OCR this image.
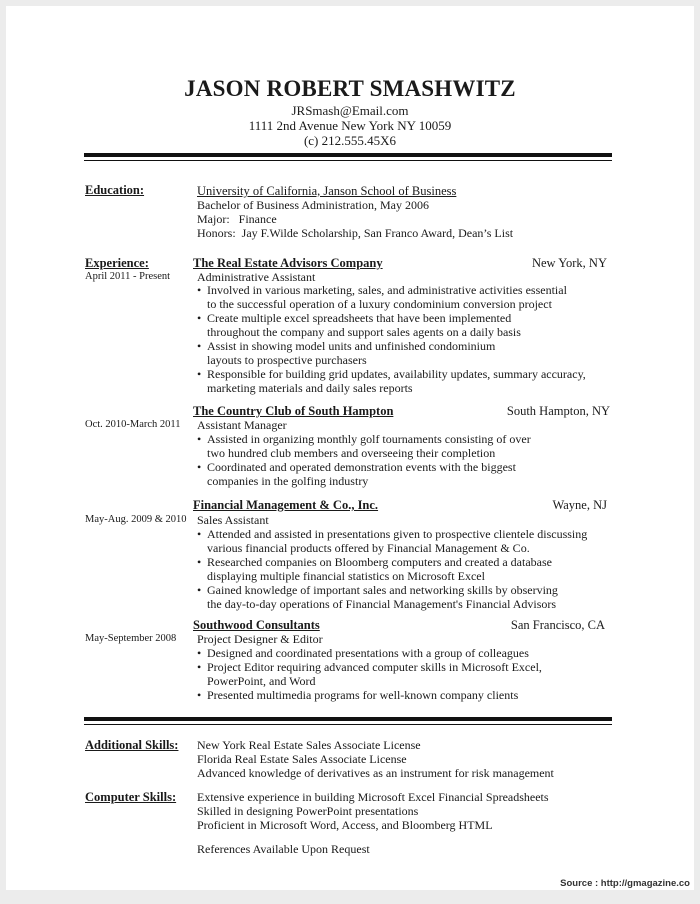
JASON ROBERT SMASHWITZ
JRSmash@Email.com
1111 2nd Avenue New York NY 10059
(c) 212.555.45X6
Education:	University of California, Janson School of Business
Bachelor of Business Administration, May 2006
Major:   Finance
Honors:  Jay F.Wilde Scholarship, San Franco Award, Dean’s List
Experience:	The Real Estate Advisors Company	New York, NY
April 2011 - Present Administrative Assistant
• Involved in various marketing, sales, and administrative activities essential
to the successful operation of a luxury condominium conversion project
• Create multiple excel spreadsheets that have been implemented
throughout the company and support sales agents on a daily basis
• Assist in showing model units and unfinished condominium
layouts to prospective purchasers
• Responsible for building grid updates, availability updates, summary accuracy,
marketing materials and daily sales reports
The Country Club of South Hampton	South Hampton, NY
Oct. 2010-March 2011 Assistant Manager
• Assisted in organizing monthly golf tournaments consisting of over
two hundred club members and overseeing their completion
• Coordinated and operated demonstration events with the biggest
companies in the golfing industry
Financial Management & Co., Inc.	Wayne, NJ
May-Aug. 2009 & 2010 Sales Assistant
• Attended and assisted in presentations given to prospective clientele discussing
various financial products offered by Financial Management & Co.
• Researched companies on Bloomberg computers and created a database
displaying multiple financial statistics on Microsoft Excel
• Gained knowledge of important sales and networking skills by observing
the day-to-day operations of Financial Management's Financial Advisors
Southwood Consultants	San Francisco, CA
May-September 2008 Project Designer & Editor
• Designed and coordinated presentations with a group of colleagues
• Project Editor requiring advanced computer skills in Microsoft Excel,
PowerPoint, and Word
• Presented multimedia programs for well-known company clients
Additional Skills: New York Real Estate Sales Associate License
Florida Real Estate Sales Associate License
Advanced knowledge of derivatives as an instrument for risk management
Computer Skills: Extensive experience in building Microsoft Excel Financial Spreadsheets
Skilled in designing PowerPoint presentations
Proficient in Microsoft Word, Access, and Bloomberg HTML
References Available Upon Request
Source : http://gmagazine.co
